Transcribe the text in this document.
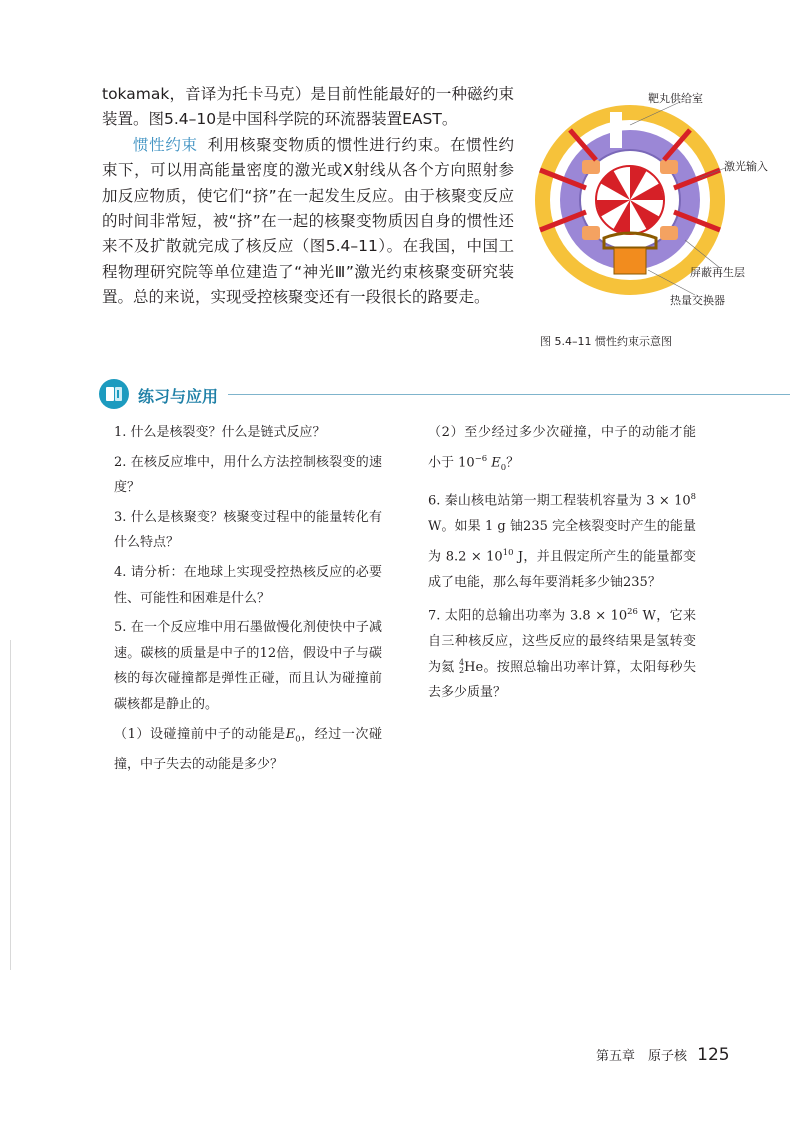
tokamak，音译为托卡马克）是目前性能最好的一种磁约束装置。图5.4–10是中国科学院的环流器装置EAST。

惯性约束 利用核聚变物质的惯性进行约束。在惯性约束下，可以用高能量密度的激光或X射线从各个方向照射参加反应物质，使它们“挤”在一起发生反应。由于核聚变反应的时间非常短，被“挤”在一起的核聚变物质因自身的惯性还来不及扩散就完成了核反应（图5.4–11）。在我国，中国工程物理研究院等单位建造了“神光Ⅲ”激光约束核聚变研究装置。总的来说，实现受控核聚变还有一段很长的路要走。

靶丸供给室
激光输入
屏蔽再生层
热量交换器
图 5.4–11 惯性约束示意图
练习与应用

1. 什么是核裂变？什么是链式反应？

2. 在核反应堆中，用什么方法控制核裂变的速度？

3. 什么是核聚变？核聚变过程中的能量转化有什么特点？

4. 请分析：在地球上实现受控热核反应的必要性、可能性和困难是什么？

5. 在一个反应堆中用石墨做慢化剂使快中子减速。碳核的质量是中子的12倍，假设中子与碳核的每次碰撞都是弹性正碰，而且认为碰撞前碳核都是静止的。

（1）设碰撞前中子的动能是$E_0$，经过一次碰撞，中子失去的动能是多少？

（2）至少经过多少次碰撞，中子的动能才能小于 $10^{-6}$ $E_0$？

6. 秦山核电站第一期工程装机容量为 $3 \times 10^8$ W。如果 1 g 铀235 完全核裂变时产生的能量为 $8.2 \times 10^{10}$ J，并且假定所产生的能量都变成了电能，那么每年要消耗多少铀235？

7. 太阳的总输出功率为 $3.8 \times 10^{26}$ W，它来自三种核反应，这些反应的最终结果是氢转变为氦 4
2He。按照总输出功率计算，太阳每秒失去多少质量？

第五章　原子核 125
